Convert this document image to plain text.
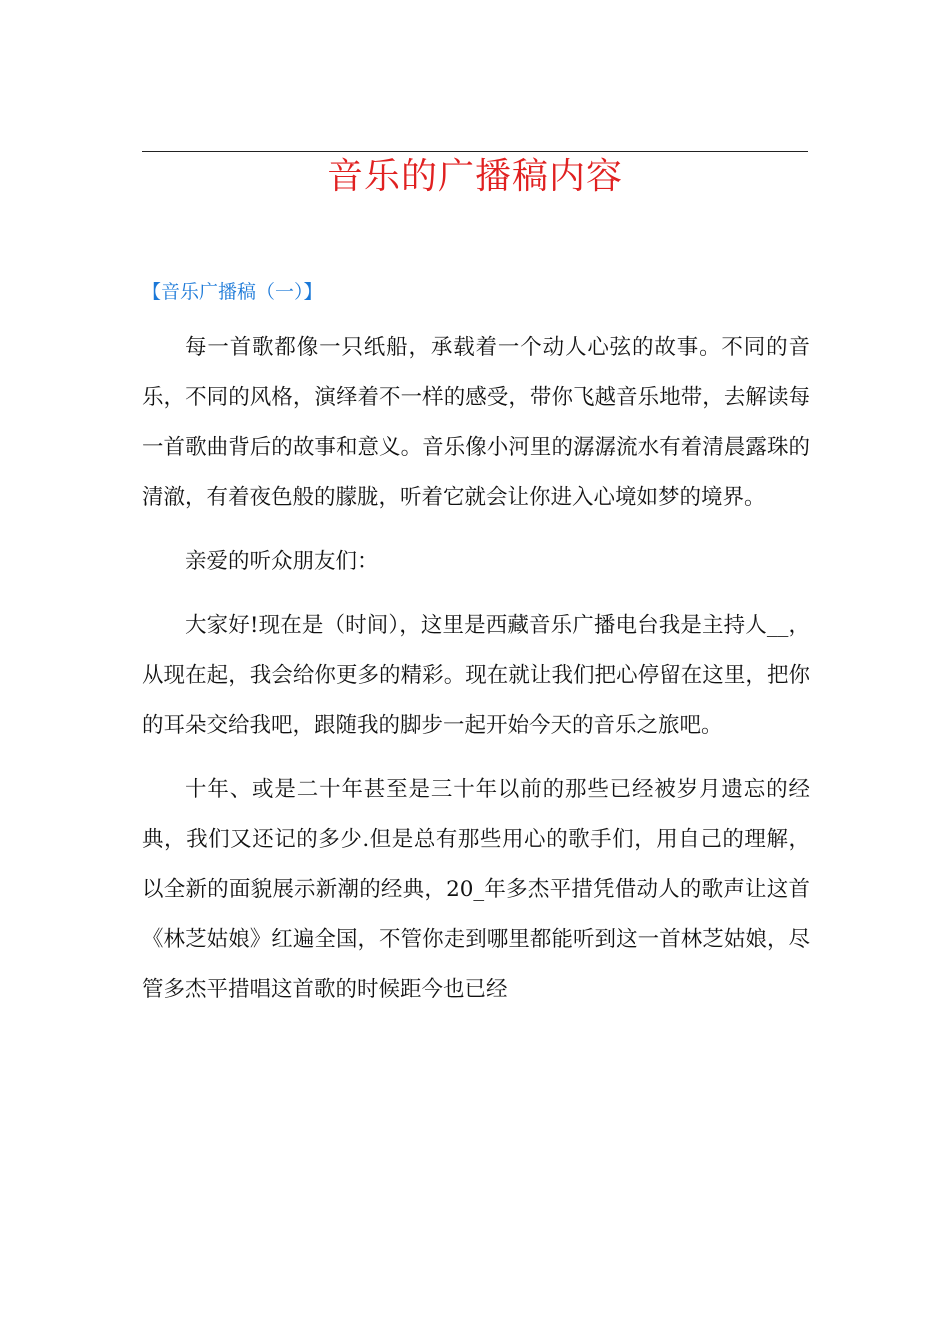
音乐的广播稿内容
【音乐广播稿（一）】

每一首歌都像一只纸船，承载着一个动人心弦的故事。不同的音乐，不同的风格，演绎着不一样的感受，带你飞越音乐地带，去解读每一首歌曲背后的故事和意义。音乐像小河里的潺潺流水有着清晨露珠的清澈，有着夜色般的朦胧，听着它就会让你进入心境如梦的境界。

亲爱的听众朋友们：

大家好!现在是（时间），这里是西藏音乐广播电台我是主持人__，从现在起，我会给你更多的精彩。现在就让我们把心停留在这里，把你的耳朵交给我吧，跟随我的脚步一起开始今天的音乐之旅吧。

十年、或是二十年甚至是三十年以前的那些已经被岁月遗忘的经典，我们又还记的多少.但是总有那些用心的歌手们，用自己的理解，以全新的面貌展示新潮的经典，20_年多杰平措凭借动人的歌声让这首《林芝姑娘》红遍全国，不管你走到哪里都能听到这一首林芝姑娘，尽管多杰平措唱这首歌的时候距今也已经
